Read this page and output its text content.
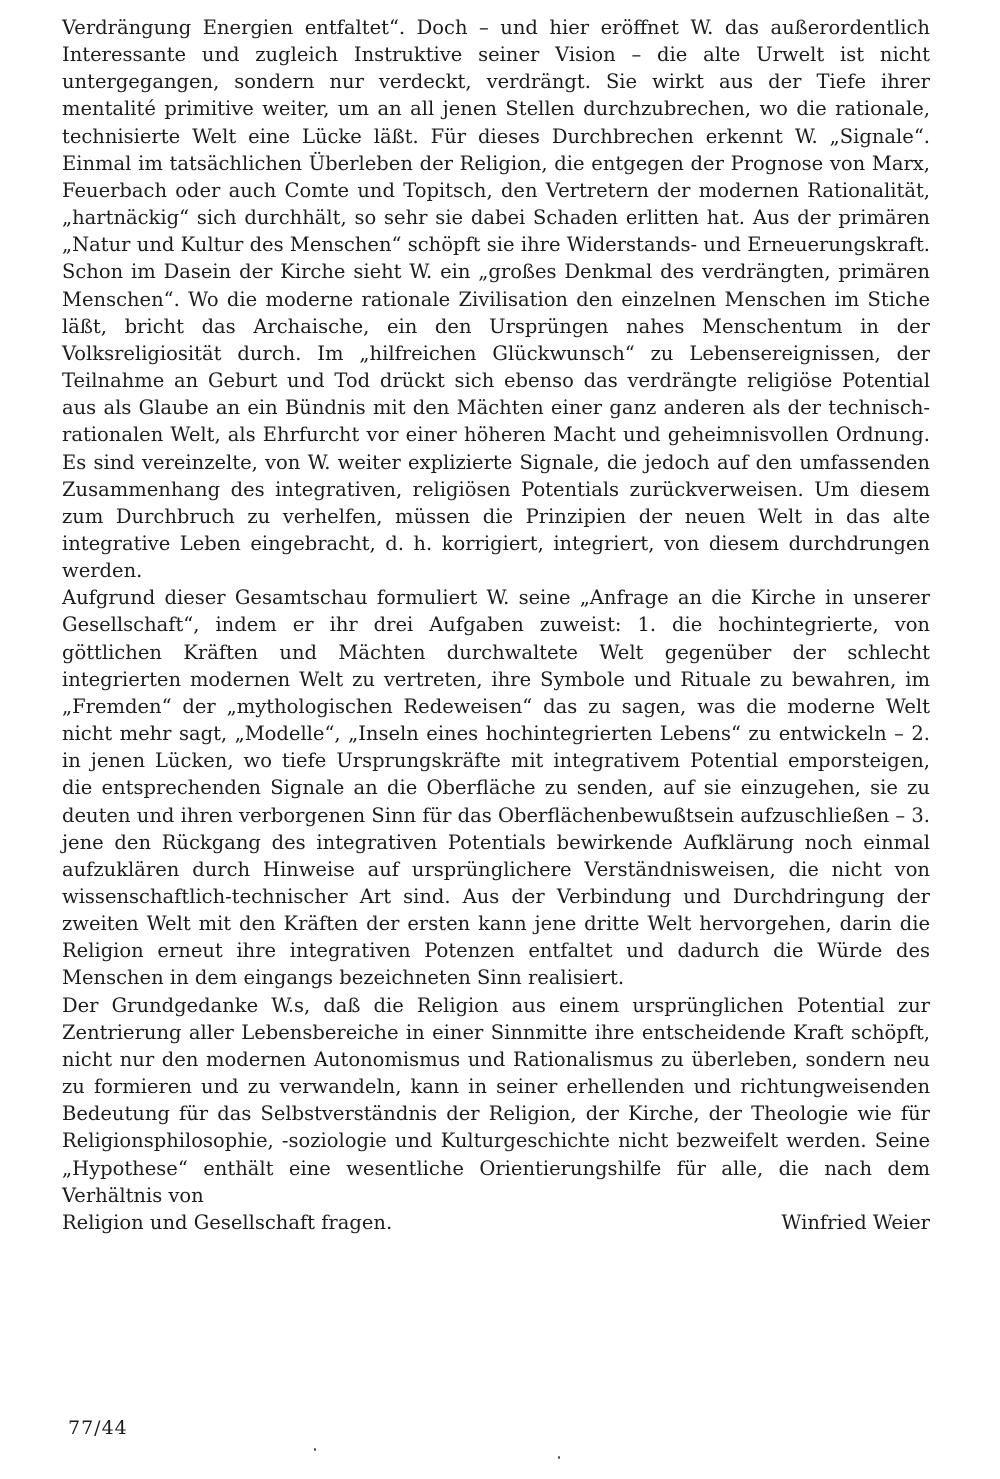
Verdrängung Energien entfaltet“. Doch – und hier eröffnet W. das außerordentlich Interessante und zugleich Instruktive seiner Vision – die alte Urwelt ist nicht untergegangen, sondern nur verdeckt, verdrängt. Sie wirkt aus der Tiefe ihrer mentalité primitive weiter, um an all jenen Stellen durchzubrechen, wo die rationale, technisierte Welt eine Lücke läßt. Für dieses Durchbrechen erkennt W. „Signale“. Einmal im tatsächlichen Überleben der Religion, die entgegen der Prognose von Marx, Feuerbach oder auch Comte und Topitsch, den Vertretern der modernen Rationalität, „hartnäckig“ sich durchhält, so sehr sie dabei Schaden erlitten hat. Aus der primären „Natur und Kultur des Menschen“ schöpft sie ihre Widerstands- und Erneuerungskraft. Schon im Dasein der Kirche sieht W. ein „großes Denkmal des verdrängten, primären Menschen“. Wo die moderne rationale Zivilisation den einzelnen Menschen im Stiche läßt, bricht das Archaische, ein den Ursprüngen nahes Menschentum in der Volksreligiosität durch. Im „hilfreichen Glückwunsch“ zu Lebensereignissen, der Teilnahme an Geburt und Tod drückt sich ebenso das verdrängte religiöse Potential aus als Glaube an ein Bündnis mit den Mächten einer ganz anderen als der technisch-rationalen Welt, als Ehrfurcht vor einer höheren Macht und geheimnisvollen Ordnung. Es sind vereinzelte, von W. weiter explizierte Signale, die jedoch auf den umfassenden Zusammenhang des integrativen, religiösen Potentials zurückverweisen. Um diesem zum Durchbruch zu verhelfen, müssen die Prinzipien der neuen Welt in das alte integrative Leben eingebracht, d. h. korrigiert, integriert, von diesem durchdrungen werden.

Aufgrund dieser Gesamtschau formuliert W. seine „Anfrage an die Kirche in unserer Gesellschaft“, indem er ihr drei Aufgaben zuweist: 1. die hochintegrierte, von göttlichen Kräften und Mächten durchwaltete Welt gegenüber der schlecht integrierten modernen Welt zu vertreten, ihre Symbole und Rituale zu bewahren, im „Fremden“ der „mythologischen Redeweisen“ das zu sagen, was die moderne Welt nicht mehr sagt, „Modelle“, „Inseln eines hochintegrierten Lebens“ zu entwickeln – 2. in jenen Lücken, wo tiefe Ursprungskräfte mit integrativem Potential emporsteigen, die entsprechenden Signale an die Oberfläche zu senden, auf sie einzugehen, sie zu deuten und ihren verborgenen Sinn für das Oberflächenbewußtsein aufzuschließen – 3. jene den Rückgang des integrativen Potentials bewirkende Aufklärung noch einmal aufzuklären durch Hinweise auf ursprünglichere Verständnisweisen, die nicht von wissenschaftlich-technischer Art sind. Aus der Verbindung und Durchdringung der zweiten Welt mit den Kräften der ersten kann jene dritte Welt hervorgehen, darin die Religion erneut ihre integrativen Potenzen entfaltet und dadurch die Würde des Menschen in dem eingangs bezeichneten Sinn realisiert.

Der Grundgedanke W.s, daß die Religion aus einem ursprünglichen Potential zur Zentrierung aller Lebensbereiche in einer Sinnmitte ihre entscheidende Kraft schöpft, nicht nur den modernen Autonomismus und Rationalismus zu überleben, sondern neu zu formieren und zu verwandeln, kann in seiner erhellenden und richtungweisenden Bedeutung für das Selbstverständnis der Religion, der Kirche, der Theologie wie für Religionsphilosophie, -soziologie und Kulturgeschichte nicht bezweifelt werden. Seine „Hypothese“ enthält eine wesentliche Orientierungshilfe für alle, die nach dem Verhältnis von

Religion und Gesellschaft fragen.	Winfried Weier
77/44
